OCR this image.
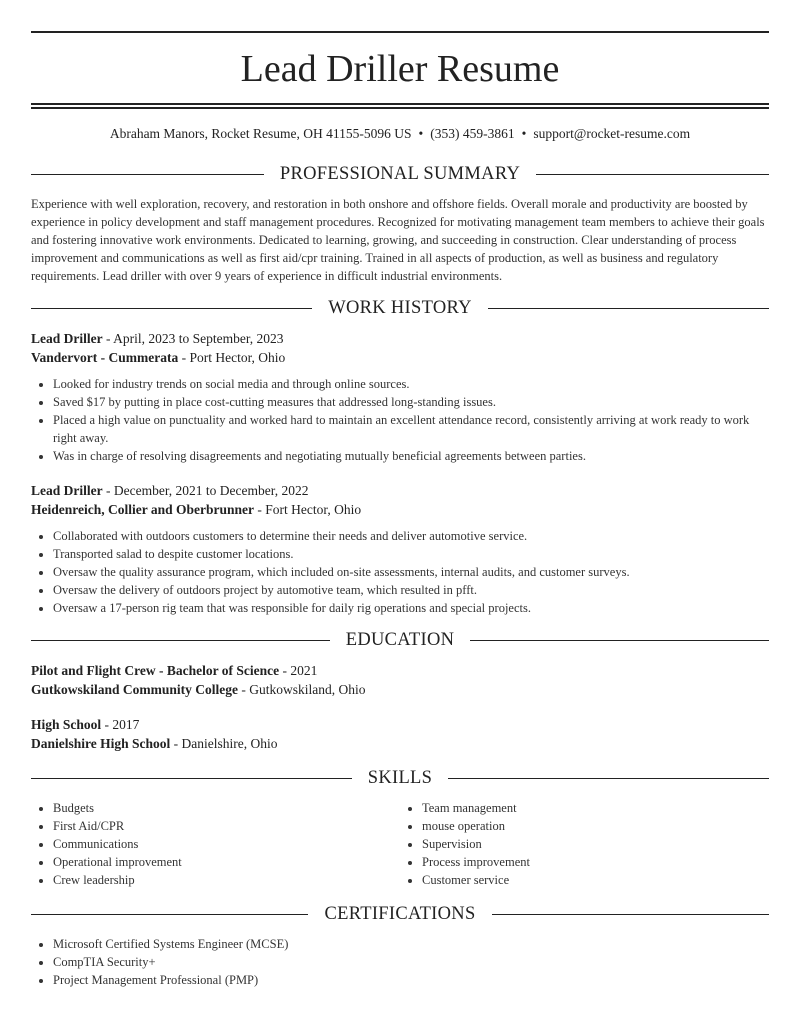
Lead Driller Resume
Abraham Manors, Rocket Resume, OH 41155-5096 US • (353) 459-3861 • support@rocket-resume.com
PROFESSIONAL SUMMARY

Experience with well exploration, recovery, and restoration in both onshore and offshore fields. Overall morale and productivity are boosted by experience in policy development and staff management procedures. Recognized for motivating management team members to achieve their goals and fostering innovative work environments. Dedicated to learning, growing, and succeeding in construction. Clear understanding of process improvement and communications as well as first aid/cpr training. Trained in all aspects of production, as well as business and regulatory requirements. Lead driller with over 9 years of experience in difficult industrial environments.

WORK HISTORY
Lead Driller - April, 2023 to September, 2023
Vandervort - Cummerata - Port Hector, Ohio
• Looked for industry trends on social media and through online sources.
• Saved $17 by putting in place cost-cutting measures that addressed long-standing issues.
• Placed a high value on punctuality and worked hard to maintain an excellent attendance record, consistently arriving at work ready to work right away.
• Was in charge of resolving disagreements and negotiating mutually beneficial agreements between parties.
Lead Driller - December, 2021 to December, 2022
Heidenreich, Collier and Oberbrunner - Fort Hector, Ohio
• Collaborated with outdoors customers to determine their needs and deliver automotive service.
• Transported salad to despite customer locations.
• Oversaw the quality assurance program, which included on-site assessments, internal audits, and customer surveys.
• Oversaw the delivery of outdoors project by automotive team, which resulted in pfft.
• Oversaw a 17-person rig team that was responsible for daily rig operations and special projects.
EDUCATION
Pilot and Flight Crew - Bachelor of Science - 2021
Gutkowskiland Community College - Gutkowskiland, Ohio
High School - 2017
Danielshire High School - Danielshire, Ohio
SKILLS
• Budgets
• First Aid/CPR
• Communications
• Operational improvement
• Crew leadership
• Team management
• mouse operation
• Supervision
• Process improvement
• Customer service
CERTIFICATIONS
• Microsoft Certified Systems Engineer (MCSE)
• CompTIA Security+
• Project Management Professional (PMP)
